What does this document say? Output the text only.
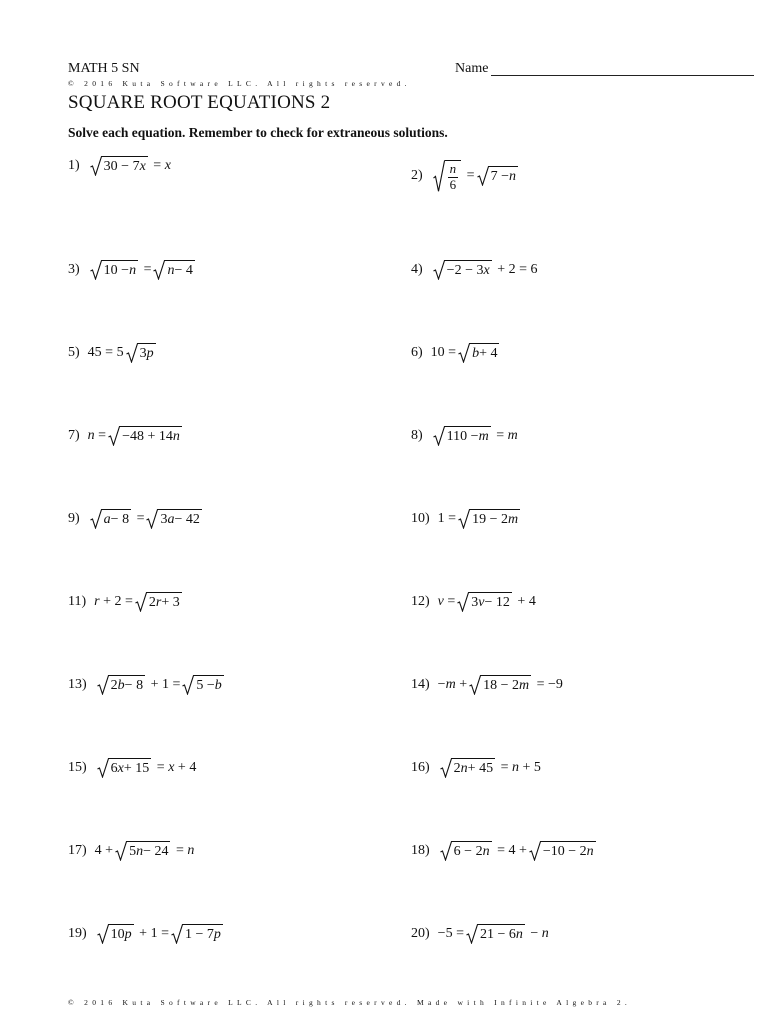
MATH 5 SN	Name
© 2016 Kuta Software LLC. All rights reserved.
SQUARE ROOT EQUATIONS 2
Solve each equation. Remember to check for extraneous solutions.
1) 30 − 7 x = x
$2) \frac{n}{6} = 7 - n$
3) 10 − n = n − 4	4) −2 − 3 x + 2 = 6
5) 45 = 5 3 p	6) 10 = b + 4
7) n = −48 + 14 n	8) 110 − m = m
9) a − 8 = 3 a − 42	10) 1 = 19 − 2 m
11) r + 2 = 2 r + 3	12) v = 3 v − 12 + 4
13) 2 b − 8 + 1 = 5 − b	14) − m + 18 − 2 m = −9
15) 6 x + 15 = x + 4	16) 2 n + 45 = n + 5
17) 4 + 5 n − 24 = n	18) 6 − 2 n = 4 + −10 − 2 n
19) 10 p + 1 = 1 − 7 p	20) −5 = 21 − 6 n − n
© 2016 Kuta Software LLC. All rights reserved. Made with Infinite Algebra 2.
